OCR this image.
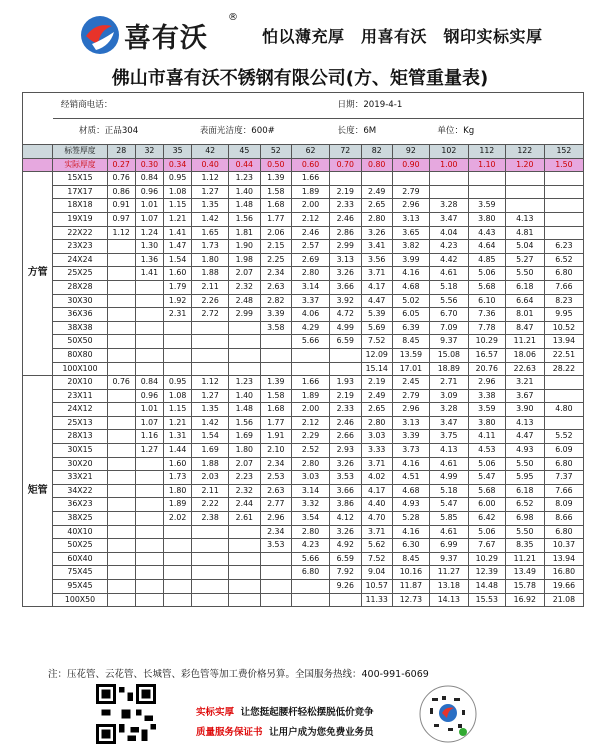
喜有沃
®
怕以薄充厚　用喜有沃　钢印实标实厚
佛山市喜有沃不锈钢有限公司(方、矩管重量表)
	经销商电话：								日期：2019-4-1						
	材质：正品304				表面光洁度：600#				长度：6M			单位：Kg			
	标签厚度	28	32	35	42	45	52	62	72	82	92	102	112	122	152
	实际厚度	0.27	0.30	0.34	0.40	0.44	0.50	0.60	0.70	0.80	0.90	1.00	1.10	1.20	1.50
方管	15X15	0.76	0.84	0.95	1.12	1.23	1.39	1.66							
	17X17	0.86	0.96	1.08	1.27	1.40	1.58	1.89	2.19	2.49	2.79				
	18X18	0.91	1.01	1.15	1.35	1.48	1.68	2.00	2.33	2.65	2.96	3.28	3.59		
	19X19	0.97	1.07	1.21	1.42	1.56	1.77	2.12	2.46	2.80	3.13	3.47	3.80	4.13	
	22X22	1.12	1.24	1.41	1.65	1.81	2.06	2.46	2.86	3.26	3.65	4.04	4.43	4.81	
	23X23		1.30	1.47	1.73	1.90	2.15	2.57	2.99	3.41	3.82	4.23	4.64	5.04	6.23
	24X24		1.36	1.54	1.80	1.98	2.25	2.69	3.13	3.56	3.99	4.42	4.85	5.27	6.52
	25X25		1.41	1.60	1.88	2.07	2.34	2.80	3.26	3.71	4.16	4.61	5.06	5.50	6.80
	28X28			1.79	2.11	2.32	2.63	3.14	3.66	4.17	4.68	5.18	5.68	6.18	7.66
	30X30			1.92	2.26	2.48	2.82	3.37	3.92	4.47	5.02	5.56	6.10	6.64	8.23
	36X36			2.31	2.72	2.99	3.39	4.06	4.72	5.39	6.05	6.70	7.36	8.01	9.95
	38X38						3.58	4.29	4.99	5.69	6.39	7.09	7.78	8.47	10.52
	50X50							5.66	6.59	7.52	8.45	9.37	10.29	11.21	13.94
	80X80									12.09	13.59	15.08	16.57	18.06	22.51
	100X100									15.14	17.01	18.89	20.76	22.63	28.22
矩管	20X10	0.76	0.84	0.95	1.12	1.23	1.39	1.66	1.93	2.19	2.45	2.71	2.96	3.21	
	23X11		0.96	1.08	1.27	1.40	1.58	1.89	2.19	2.49	2.79	3.09	3.38	3.67	
	24X12		1.01	1.15	1.35	1.48	1.68	2.00	2.33	2.65	2.96	3.28	3.59	3.90	4.80
	25X13		1.07	1.21	1.42	1.56	1.77	2.12	2.46	2.80	3.13	3.47	3.80	4.13	
	28X13		1.16	1.31	1.54	1.69	1.91	2.29	2.66	3.03	3.39	3.75	4.11	4.47	5.52
	30X15		1.27	1.44	1.69	1.80	2.10	2.52	2.93	3.33	3.73	4.13	4.53	4.93	6.09
	30X20			1.60	1.88	2.07	2.34	2.80	3.26	3.71	4.16	4.61	5.06	5.50	6.80
	33X21			1.73	2.03	2.23	2.53	3.03	3.53	4.02	4.51	4.99	5.47	5.95	7.37
	34X22			1.80	2.11	2.32	2.63	3.14	3.66	4.17	4.68	5.18	5.68	6.18	7.66
	36X23			1.89	2.22	2.44	2.77	3.32	3.86	4.40	4.93	5.47	6.00	6.52	8.09
	38X25			2.02	2.38	2.61	2.96	3.54	4.12	4.70	5.28	5.85	6.42	6.98	8.66
	40X10						2.34	2.80	3.26	3.71	4.16	4.61	5.06	5.50	6.80
	50X25						3.53	4.23	4.92	5.62	6.30	6.99	7.67	8.35	10.37
	60X40							5.66	6.59	7.52	8.45	9.37	10.29	11.21	13.94
	75X45							6.80	7.92	9.04	10.16	11.27	12.39	13.49	16.80
	95X45								9.26	10.57	11.87	13.18	14.48	15.78	19.66
	100X50									11.33	12.73	14.13	15.53	16.92	21.08
注：压花管、云花管、长城管、彩色管等加工费价格另算。全国服务热线：400-991-6069
实标实厚 让您挺起腰杆轻松摆脱低价竞争
质量服务保证书 让用户成为您免费业务员
